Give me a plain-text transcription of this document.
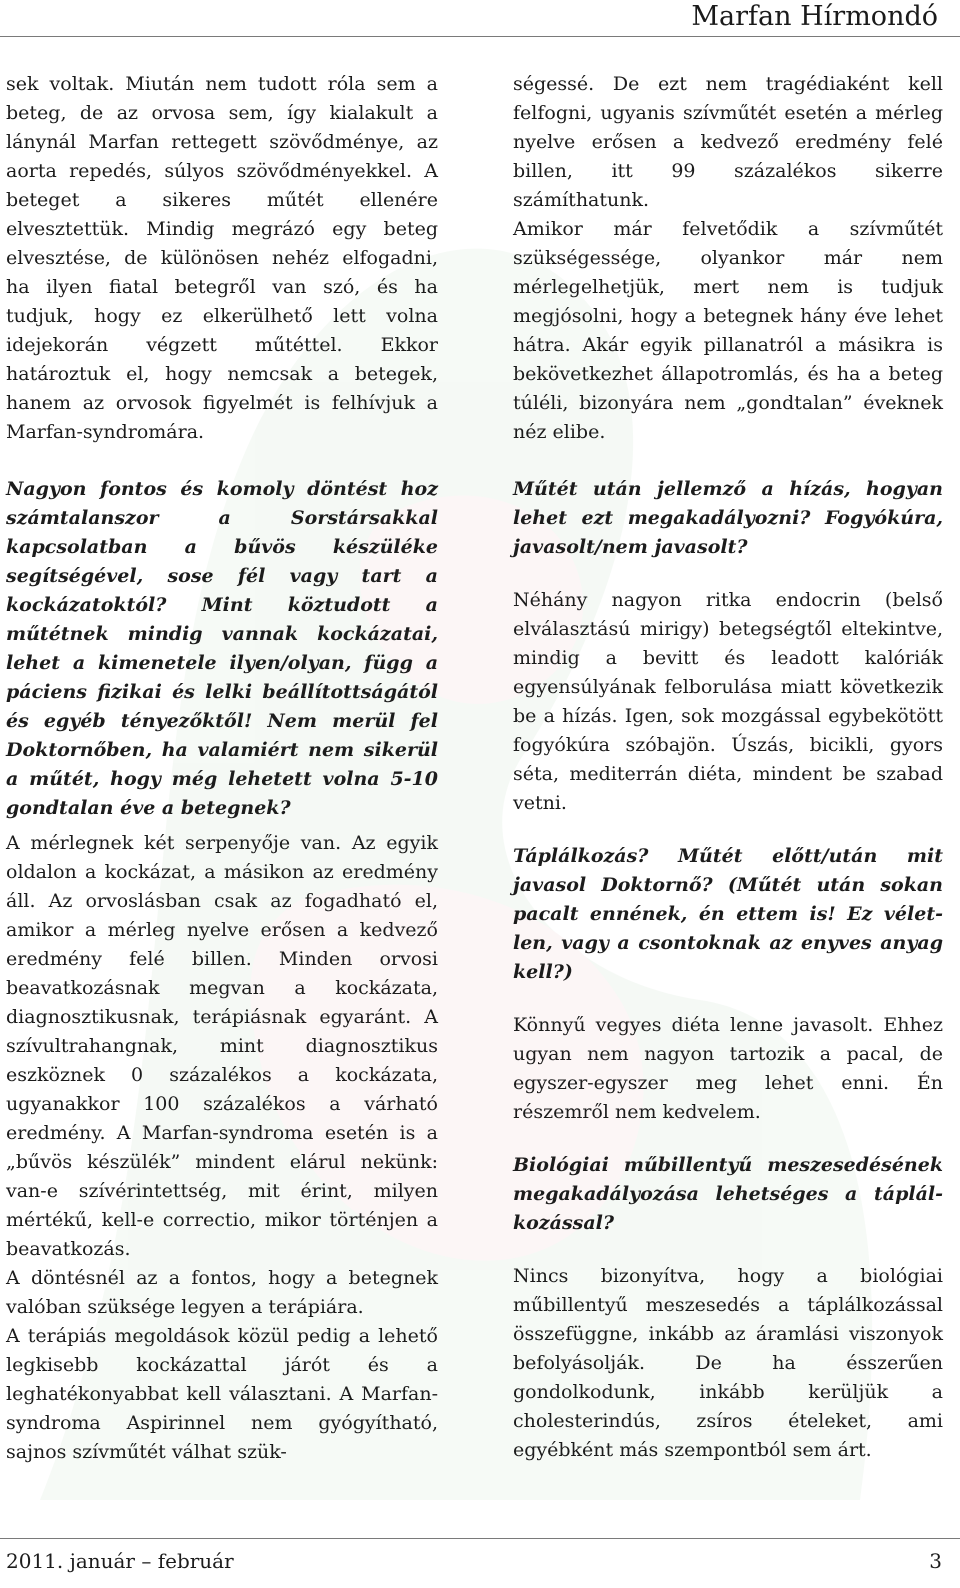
Marfan Hírmondó

sek voltak. Miután nem tudott róla sem a beteg, de az orvosa sem, így kialakult a lánynál Marfan rettegett szövődménye, az aorta repedés, súlyos szövődményekkel. A beteget a sikeres műtét ellenére elvesztettük. Mindig megrázó egy beteg elvesztése, de különösen nehéz elfogadni, ha ilyen fiatal betegről van szó, és ha tudjuk, hogy ez elkerülhető lett volna idejekorán végzett műtéttel. Ekkor határoztuk el, hogy nemcsak a betegek, hanem az orvosok figyelmét is felhívjuk a Marfan-syndromára.

Nagyon fontos és komoly döntést hoz számtalanszor a Sorstársakkal kapcsolatban a bűvös készüléke segítségével, sose fél vagy tart a kockázatoktól? Mint köztudott a műtétnek mindig vannak kockázatai, lehet a kimenetele ilyen/olyan, függ a páciens fizikai és lelki beállítottságától és egyéb tényezőktől! Nem merül fel Doktornőben, ha valamiért nem sikerül a műtét, hogy még lehetett volna 5-10 gondtalan éve a betegnek?

A mérlegnek két serpenyője van. Az egyik oldalon a kockázat, a másikon az eredmény áll. Az orvoslásban csak az fogadható el, amikor a mérleg nyelve erősen a kedvező eredmény felé billen. Minden orvosi beavatkozásnak megvan a kockázata, diagnosztikusnak, terápiásnak egyaránt. A szívultrahangnak, mint diagnosztikus eszköznek 0 százalékos a kockázata, ugyanakkor 100 százalékos a várható eredmény. A Marfan-syndroma esetén is a „bűvös készülék” mindent elárul nekünk: van-e szívérintettség, mit érint, milyen mértékű, kell-e correctio, mikor történjen a beavatkozás.

A döntésnél az a fontos, hogy a betegnek valóban szüksége legyen a terápiára.

A terápiás megoldások közül pedig a lehető legkisebb kockázattal járót és a leghatékonyabbat kell választani. A Marfan-syndroma Aspirinnel nem gyógyítható, sajnos szívműtét válhat szük-

ségessé. De ezt nem tragédiaként kell felfogni, ugyanis szívműtét esetén a mérleg nyelve erősen a kedvező eredmény felé billen, itt 99 százalékos sikerre számíthatunk.

Amikor már felvetődik a szívműtét szükségessége, olyankor már nem mérlegelhetjük, mert nem is tudjuk megjósolni, hogy a betegnek hány éve lehet hátra. Akár egyik pillanatról a másikra is bekövetkezhet állapotromlás, és ha a beteg túléli, bizonyára nem „gondtalan” éveknek néz elibe.

Műtét után jellemző a hízás, hogyan lehet ezt megakadályozni? Fogyókúra, javasolt/nem javasolt?

Néhány nagyon ritka endocrin (belső elválasztású mirigy) betegségtől eltekintve, mindig a bevitt és leadott kalóriák egyensúlyának felborulása miatt következik be a hízás. Igen, sok mozgással egybekötött fogyókúra szóbajön. Úszás, bicikli, gyors séta, mediterrán diéta, mindent be szabad vetni.

Táplálkozás? Műtét előtt/után mit javasol Doktornő? (Műtét után sokan pacalt ennének, én ettem is! Ez véletlen, vagy a csontoknak az enyves anyag kell?)

Könnyű vegyes diéta lenne javasolt. Ehhez ugyan nem nagyon tartozik a pacal, de egyszer-egyszer meg lehet enni. Én részemről nem kedvelem.

Biológiai műbillentyű meszesedésének megakadályozása lehetséges a táplálkozással?

Nincs bizonyítva, hogy a biológiai műbillentyű meszesedés a táplálkozással összefüggne, inkább az áramlási viszonyok befolyásolják. De ha ésszerűen gondolkodunk, inkább kerüljük a cholesterindús, zsíros ételeket, ami egyébként más szempontból sem árt.

2011. január – február	3
